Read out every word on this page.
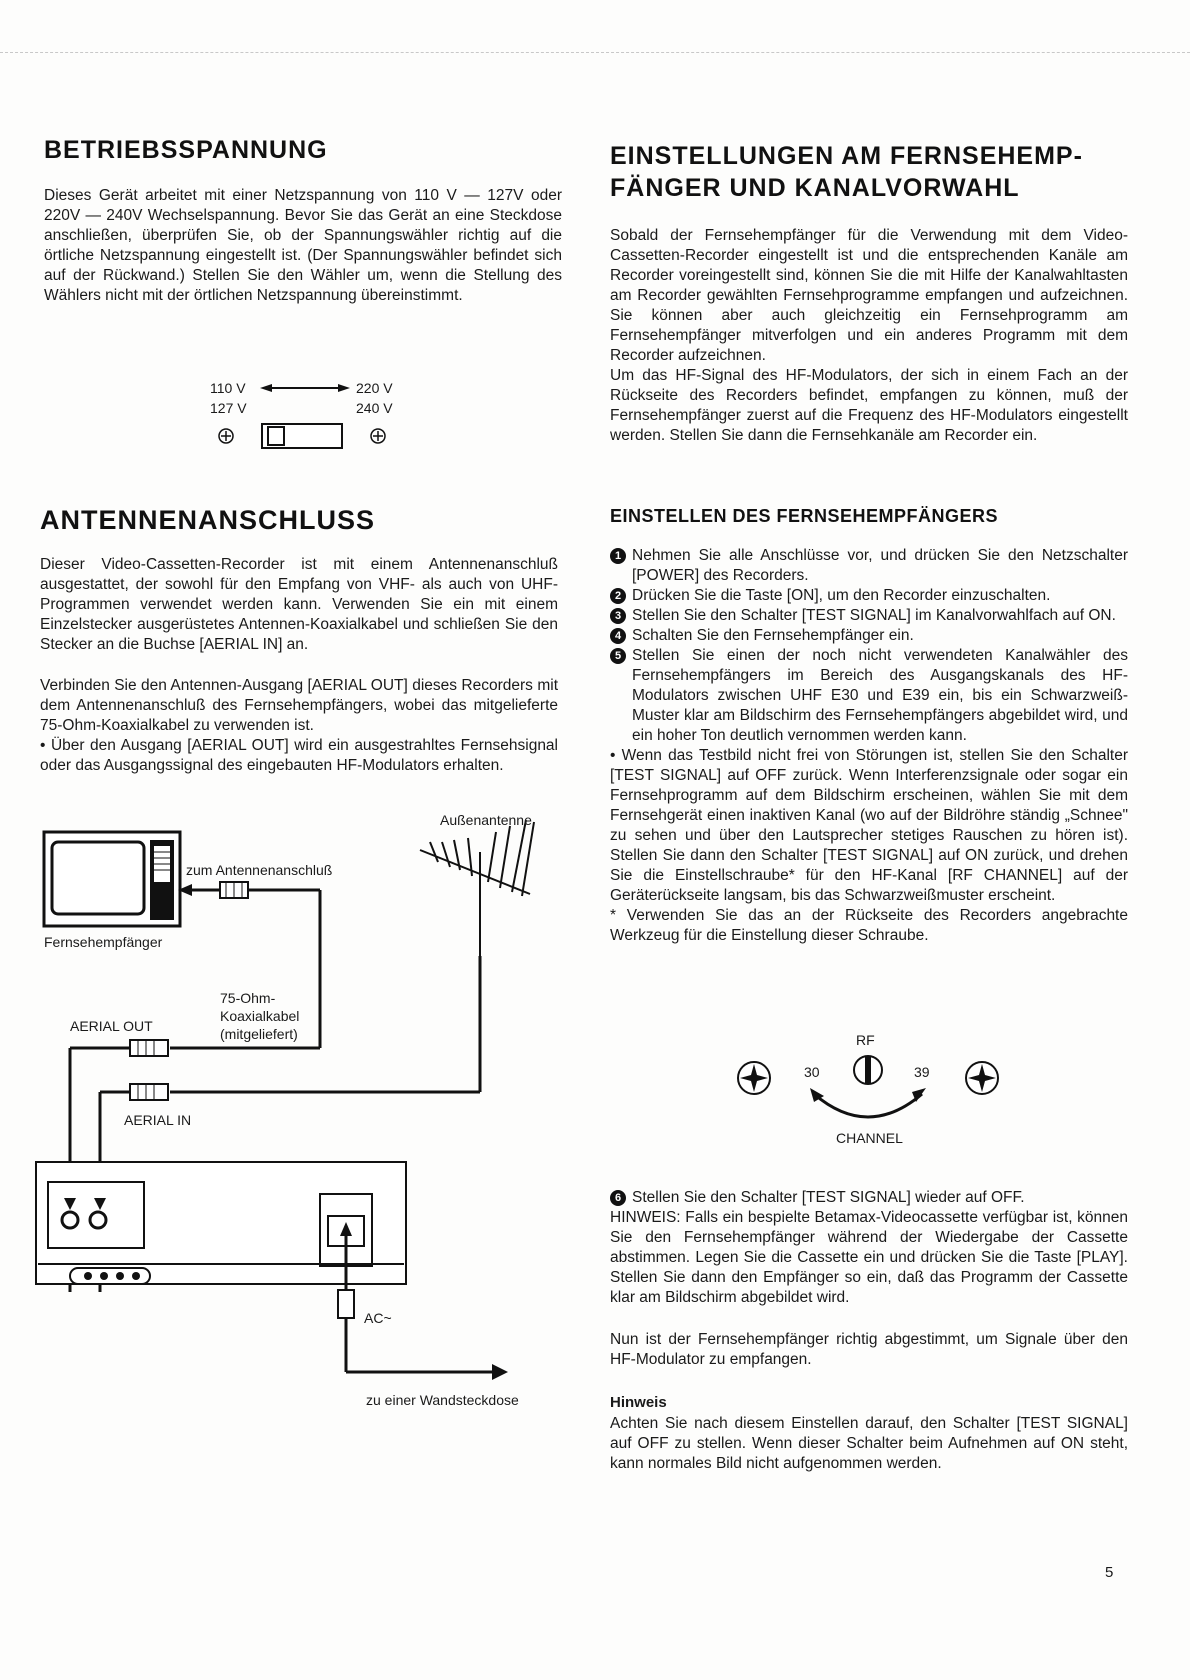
BETRIEBSSPANNUNG

Dieses Gerät arbeitet mit einer Netzspannung von 110 V — 127V oder 220V — 240V Wechselspannung. Bevor Sie das Gerät an eine Steckdose anschließen, überprüfen Sie, ob der Spannungswähler richtig auf die örtliche Netzspannung eingestellt ist. (Der Spannungswähler befindet sich auf der Rückwand.) Stellen Sie den Wähler um, wenn die Stellung des Wählers nicht mit der örtlichen Netzspannung übereinstimmt.

110 V
127 V
220 V
240 V
ANTENNENANSCHLUSS

Dieser Video-Cassetten-Recorder ist mit einem Antennenanschluß ausgestattet, der sowohl für den Empfang von VHF- als auch von UHF-Programmen verwendet werden kann. Verwenden Sie ein mit einem Einzelstecker ausgerüstetes Antennen-Koaxialkabel und schließen Sie den Stecker an die Buchse [AERIAL IN] an.

Verbinden Sie den Antennen-Ausgang [AERIAL OUT] dieses Recorders mit dem Antennenanschluß des Fernsehempfängers, wobei das mitgelieferte 75-Ohm-Koaxialkabel zu verwenden ist.

• Über den Ausgang [AERIAL OUT] wird ein ausgestrahltes Fernsehsignal oder das Ausgangssignal des eingebauten HF-Modulators erhalten.

Außenantenne
zum Antennenanschluß
Fernsehempfänger
75-Ohm-
Koaxialkabel
(mitgeliefert)
AERIAL OUT
AERIAL IN
AC~
zu einer Wandsteckdose
EINSTELLUNGEN AM FERNSEHEMP-
FÄNGER UND KANALVORWAHL

Sobald der Fernsehempfänger für die Verwendung mit dem Video-Cassetten-Recorder eingestellt ist und die entsprechenden Kanäle am Recorder voreingestellt sind, können Sie die mit Hilfe der Kanalwahltasten am Recorder gewählten Fernsehprogramme empfangen und aufzeichnen. Sie können aber auch gleichzeitig ein Fernsehprogramm am Fernsehempfänger mitverfolgen und ein anderes Programm mit dem Recorder aufzeichnen.

Um das HF-Signal des HF-Modulators, der sich in einem Fach an der Rückseite des Recorders befindet, empfangen zu können, muß der Fernsehempfänger zuerst auf die Frequenz des HF-Modulators eingestellt werden. Stellen Sie dann die Fernsehkanäle am Recorder ein.

EINSTELLEN DES FERNSEHEMPFÄNGERS
1 Nehmen Sie alle Anschlüsse vor, und drücken Sie den Netzschalter [POWER] des Recorders.
2 Drücken Sie die Taste [ON], um den Recorder einzuschalten.
3 Stellen Sie den Schalter [TEST SIGNAL] im Kanalvorwahlfach auf ON.
4 Schalten Sie den Fernsehempfänger ein.
5 Stellen Sie einen der noch nicht verwendeten Kanalwähler des Fernsehempfängers im Bereich des Ausgangskanals des HF-Modulators zwischen UHF E30 und E39 ein, bis ein Schwarzweiß-Muster klar am Bildschirm des Fernsehempfängers abgebildet wird, und ein hoher Ton deutlich vernommen werden kann.

• Wenn das Testbild nicht frei von Störungen ist, stellen Sie den Schalter [TEST SIGNAL] auf OFF zurück. Wenn Interferenzsignale oder sogar ein Fernsehprogramm auf dem Bildschirm erscheinen, wählen Sie mit dem Fernsehgerät einen inaktiven Kanal (wo auf der Bildröhre ständig „Schnee" zu sehen und über den Lautsprecher stetiges Rauschen zu hören ist). Stellen Sie dann den Schalter [TEST SIGNAL] auf ON zurück, und drehen Sie die Einstellschraube* für den HF-Kanal [RF CHANNEL] auf der Geräterückseite langsam, bis das Schwarzweißmuster erscheint.

* Verwenden Sie das an der Rückseite des Recorders angebrachte Werkzeug für die Einstellung dieser Schraube.

RF
30	39
CHANNEL
6 Stellen Sie den Schalter [TEST SIGNAL] wieder auf OFF.

HINWEIS: Falls ein bespielte Betamax-Videocassette verfügbar ist, können Sie den Fernsehempfänger während der Wiedergabe der Cassette abstimmen. Legen Sie die Cassette ein und drücken Sie die Taste [PLAY]. Stellen Sie dann den Empfänger so ein, daß das Programm der Cassette klar am Bildschirm abgebildet wird.

Nun ist der Fernsehempfänger richtig abgestimmt, um Signale über den HF-Modulator zu empfangen.

Hinweis

Achten Sie nach diesem Einstellen darauf, den Schalter [TEST SIGNAL] auf OFF zu stellen. Wenn dieser Schalter beim Aufnehmen auf ON steht, kann normales Bild nicht aufgenommen werden.

5
